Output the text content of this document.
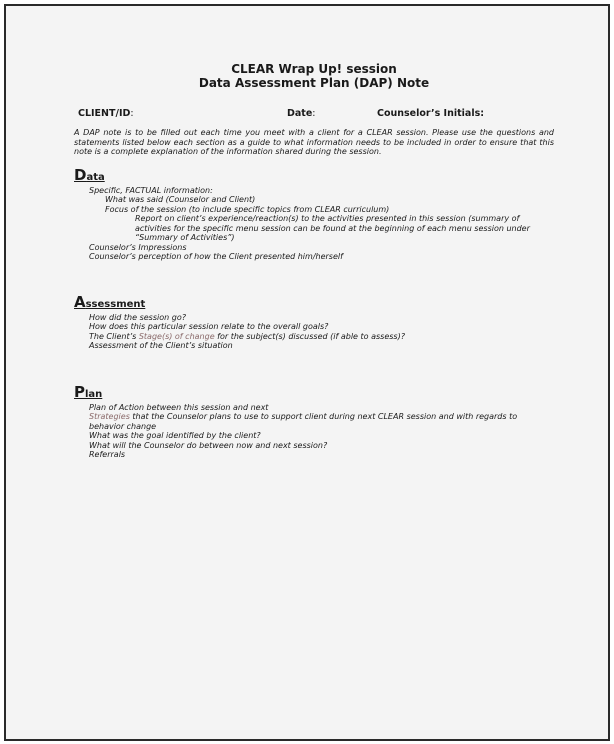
CLEAR Wrap Up! session
Data Assessment Plan (DAP) Note
CLIENT/ID:	Date:	Counselor’s Initials:
A DAP note is to be filled out each time you meet with a client for a CLEAR session. Please use the questions and statements listed below each section as a guide to what information needs to be included in order to ensure that this note is a complete explanation of the information shared during the session.
Data
Specific, FACTUAL information:
What was said (Counselor and Client)
Focus of the session (to include specific topics from CLEAR curriculum)
Report on client’s experience/reaction(s) to the activities presented in this session (summary of activities for the specific menu session can be found at the beginning of each menu session under “Summary of Activities”)
Counselor’s Impressions
Counselor’s perception of how the Client presented him/herself
Assessment
How did the session go?
How does this particular session relate to the overall goals?
The Client’s Stage(s) of change for the subject(s) discussed (if able to assess)?
Assessment of the Client’s situation
Plan
Plan of Action between this session and next
Strategies that the Counselor plans to use to support client during next CLEAR session and with regards to behavior change
What was the goal identified by the client?
What will the Counselor do between now and next session?
Referrals
